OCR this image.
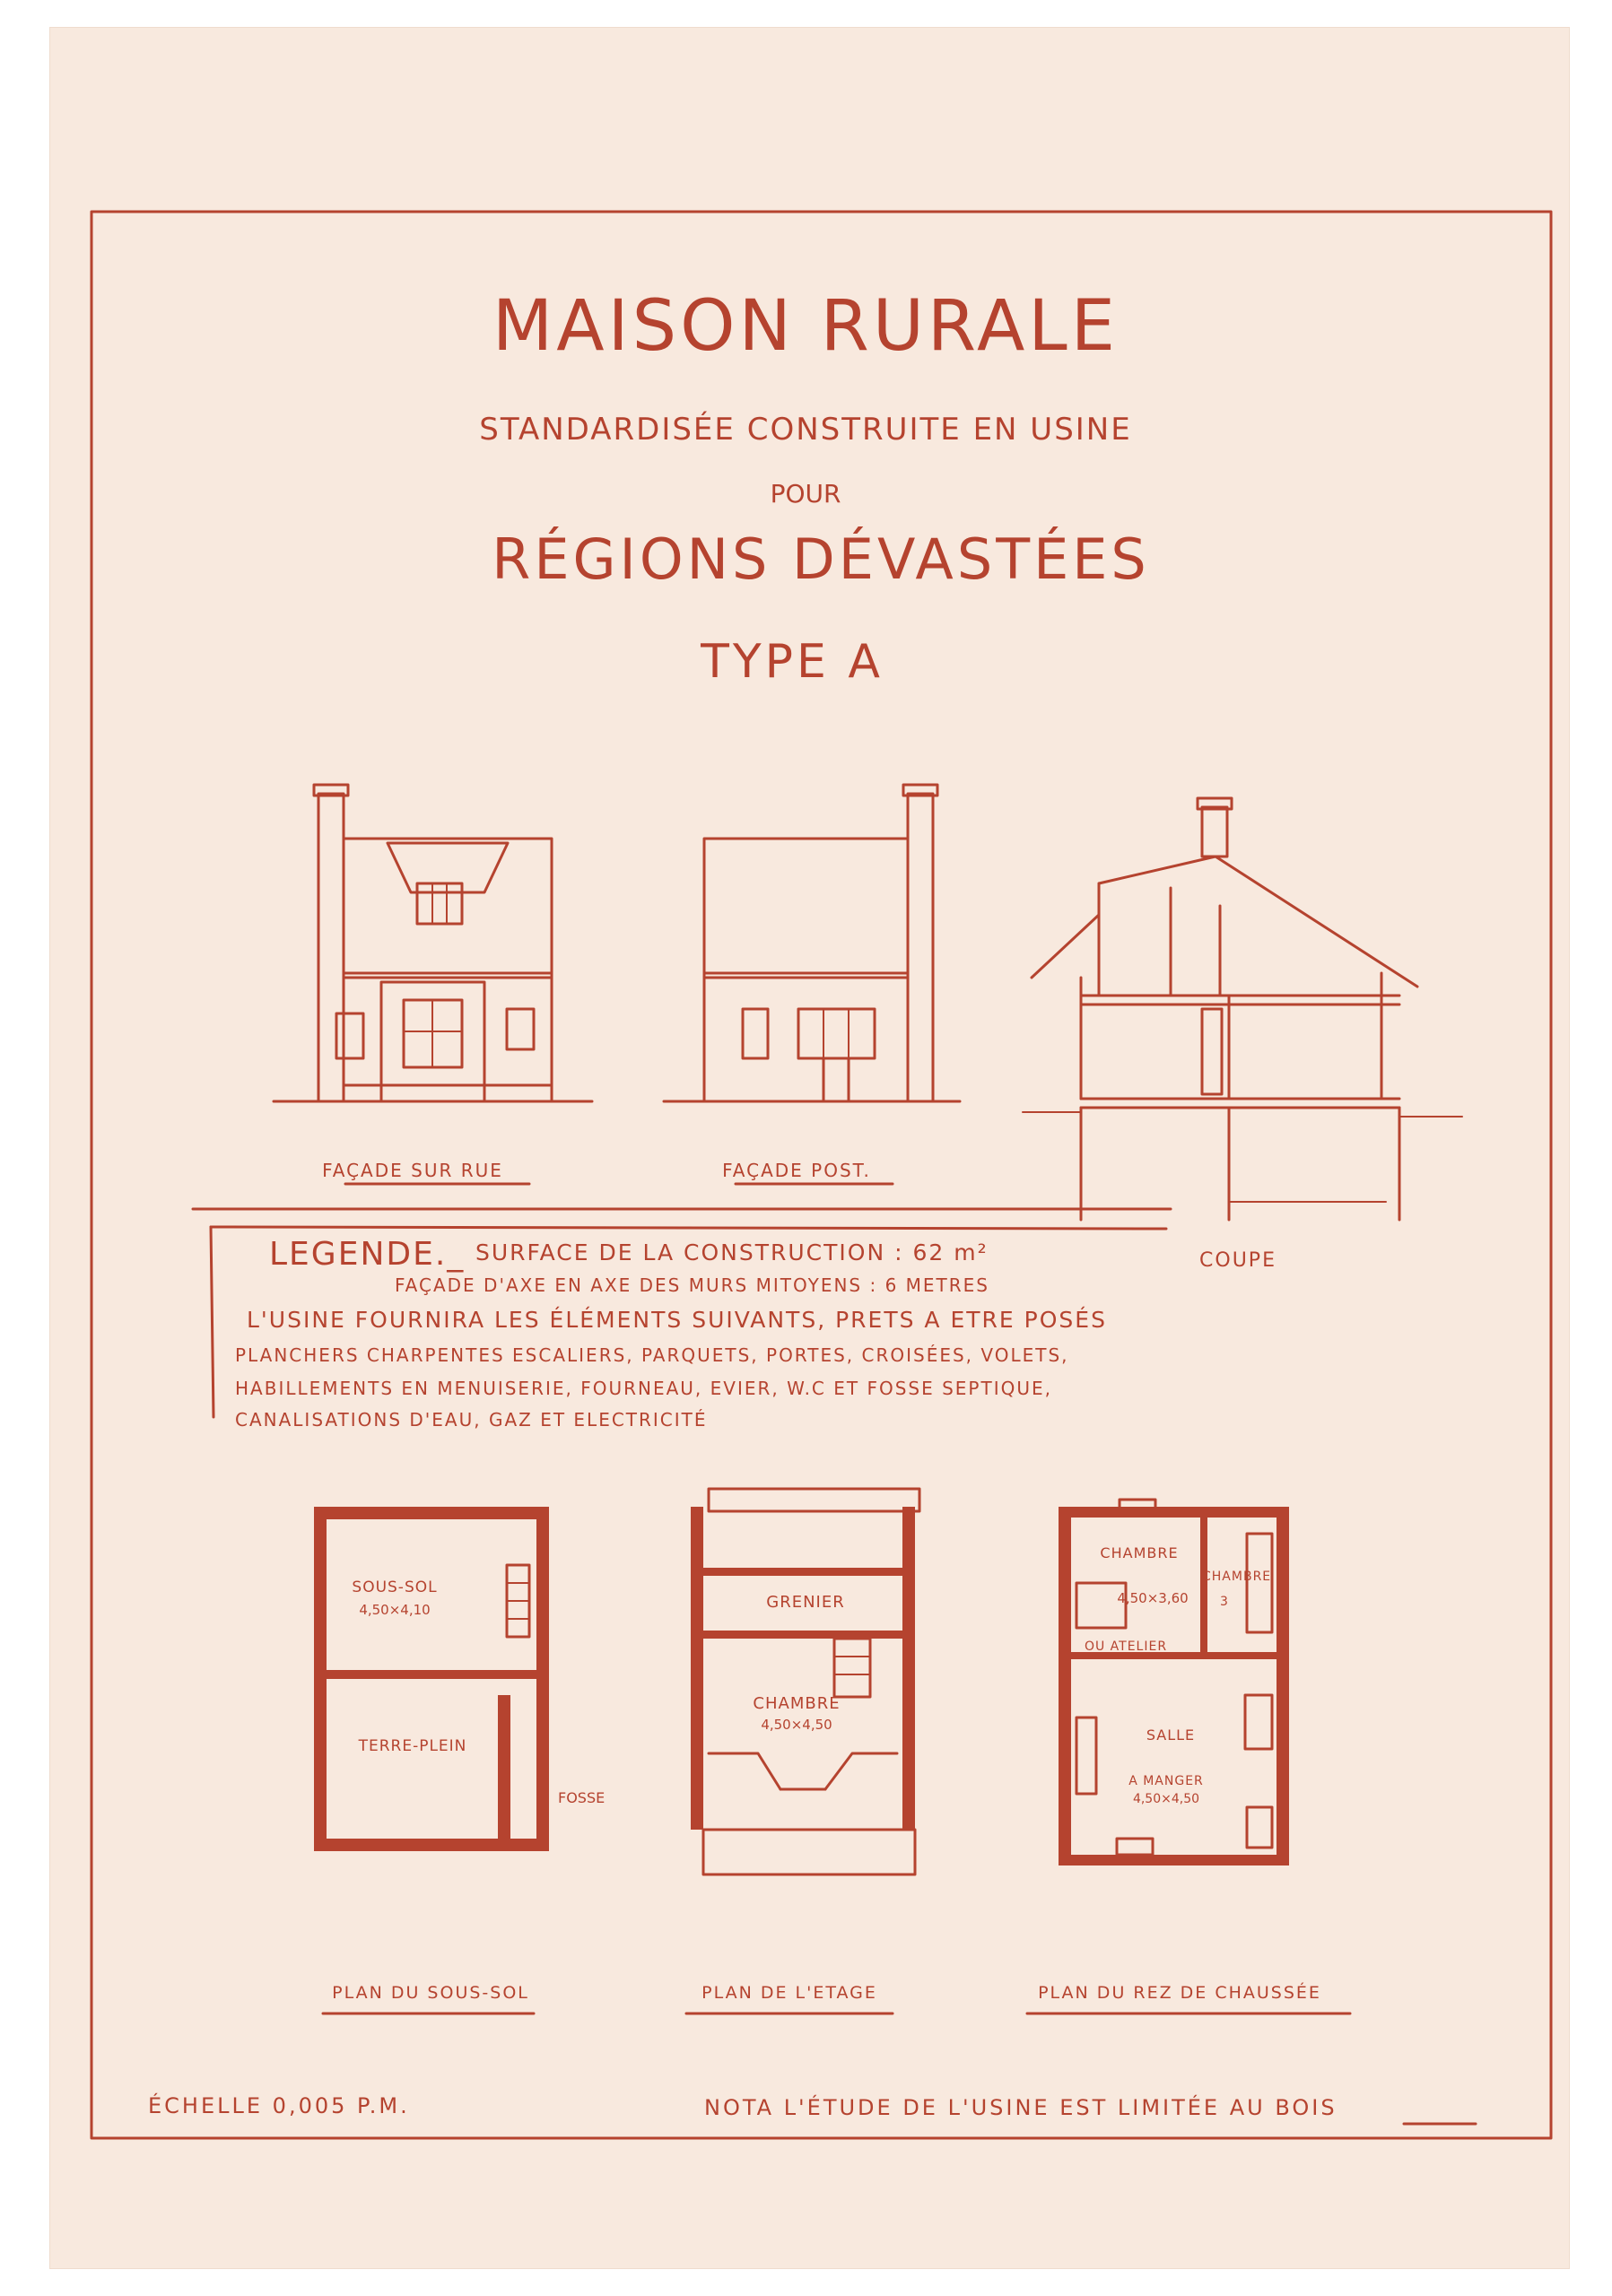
MAISON RURALE
STANDARDISÉE CONSTRUITE EN USINE
POUR
RÉGIONS DÉVASTÉES
TYPE A
FAÇADE SUR RUE	FAÇADE POST.
COUPE
LEGENDE._ SURFACE DE LA CONSTRUCTION : 62 m²
FAÇADE D'AXE EN AXE DES MURS MITOYENS : 6 METRES
L'USINE FOURNIRA LES ÉLÉMENTS SUIVANTS, PRETS A ETRE POSÉS
PLANCHERS CHARPENTES ESCALIERS, PARQUETS, PORTES, CROISÉES, VOLETS,
HABILLEMENTS EN MENUISERIE, FOURNEAU, EVIER, W.C ET FOSSE SEPTIQUE,
CANALISATIONS D'EAU, GAZ ET ELECTRICITÉ
SOUS-SOL
4,50×4,10
TERRE-PLEIN
FOSSE
PLAN DU SOUS-SOL
GRENIER
CHAMBRE
4,50×4,50
PLAN DE L'ETAGE
CHAMBRE
4,50×3,60
OU ATELIER
CHAMBRE
3
SALLE
A MANGER
4,50×4,50
PLAN DU REZ DE CHAUSSÉE
ÉCHELLE 0,005 P.M.	NOTA L'ÉTUDE DE L'USINE EST LIMITÉE AU BOIS
